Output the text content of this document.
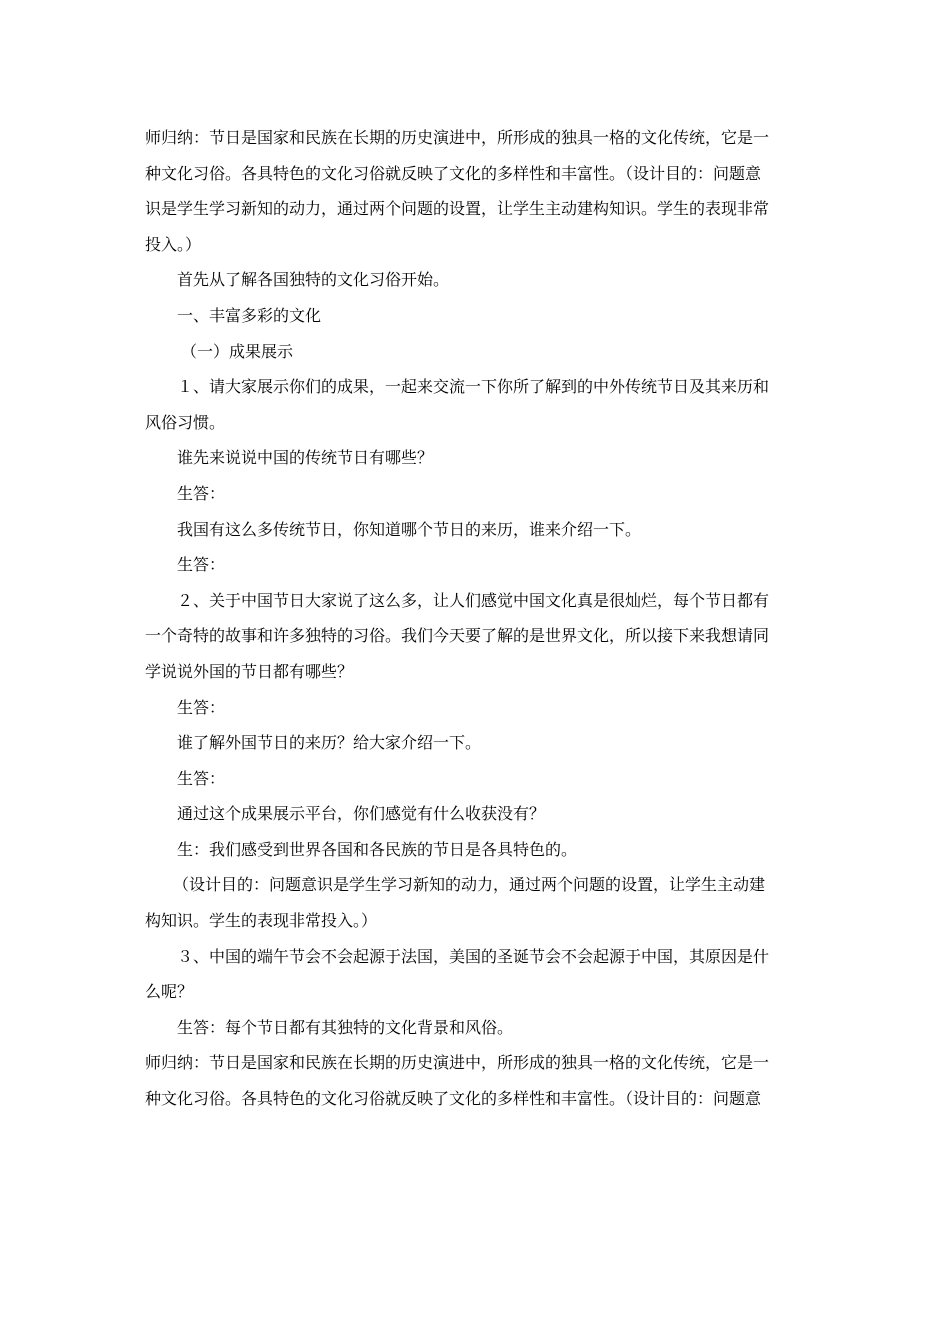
师归纳：节日是国家和民族在长期的历史演进中，所形成的独具一格的文化传统，它是一
种文化习俗。各具特色的文化习俗就反映了文化的多样性和丰富性。（设计目的：问题意
识是学生学习新知的动力，通过两个问题的设置，让学生主动建构知识。学生的表现非常
投入。）
首先从了解各国独特的文化习俗开始。
一、丰富多彩的文化
（一）成果展示
１、请大家展示你们的成果，一起来交流一下你所了解到的中外传统节日及其来历和
风俗习惯。
谁先来说说中国的传统节日有哪些？
生答：
我国有这么多传统节日，你知道哪个节日的来历，谁来介绍一下。
生答：
２、关于中国节日大家说了这么多，让人们感觉中国文化真是很灿烂，每个节日都有
一个奇特的故事和许多独特的习俗。我们今天要了解的是世界文化，所以接下来我想请同
学说说外国的节日都有哪些？
生答：
谁了解外国节日的来历？给大家介绍一下。
生答：
通过这个成果展示平台，你们感觉有什么收获没有？
生：我们感受到世界各国和各民族的节日是各具特色的。
（设计目的：问题意识是学生学习新知的动力，通过两个问题的设置，让学生主动建
构知识。学生的表现非常投入。）
３、中国的端午节会不会起源于法国，美国的圣诞节会不会起源于中国，其原因是什
么呢？
生答：每个节日都有其独特的文化背景和风俗。
师归纳：节日是国家和民族在长期的历史演进中，所形成的独具一格的文化传统，它是一
种文化习俗。各具特色的文化习俗就反映了文化的多样性和丰富性。（设计目的：问题意
